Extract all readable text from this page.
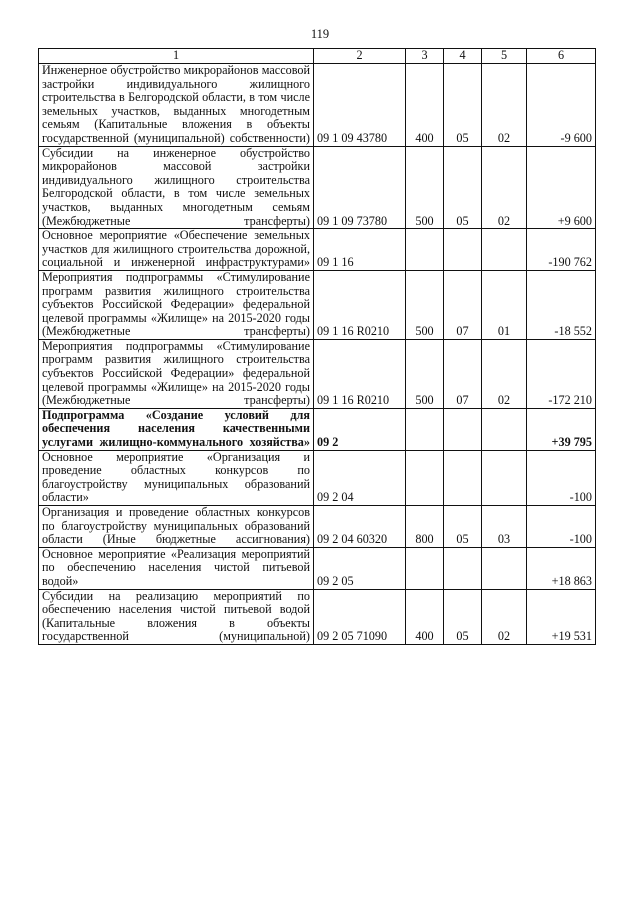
119
1	2	3	4	5	6
Инженерное обустройство микрорайонов массовой застройки индивидуального жилищного строительства в Белгородской области, в том числе земельных участков, выданных многодетным семьям (Капитальные вложения в объекты государственной (муниципальной) собственности)	09 1 09 43780	400	05	02	-9 600
Субсидии на инженерное обустройство микрорайонов массовой застройки индивидуального жилищного строительства Белгородской области, в том числе земельных участков, выданных многодетным семьям (Межбюджетные трансферты)	09 1 09 73780	500	05	02	+9 600
Основное мероприятие «Обеспечение земельных участков для жилищного строительства дорожной, социальной и инженерной инфраструктурами»	09 1 16				-190 762
Мероприятия подпрограммы «Стимулирование программ развития жилищного строительства субъектов Российской Федерации» федеральной целевой программы «Жилище» на 2015-2020 годы (Межбюджетные трансферты)	09 1 16 R0210	500	07	01	-18 552
Мероприятия подпрограммы «Стимулирование программ развития жилищного строительства субъектов Российской Федерации» федеральной целевой программы «Жилище» на 2015-2020 годы (Межбюджетные трансферты)	09 1 16 R0210	500	07	02	-172 210
Подпрограмма «Создание условий для обеспечения населения качественными услугами жилищно-коммунального хозяйства»	09 2				+39 795
Основное мероприятие «Организация и проведение областных конкурсов по благоустройству муниципальных образований области»	09 2 04				-100
Организация и проведение областных конкурсов по благоустройству муниципальных образований области (Иные бюджетные ассигнования)	09 2 04 60320	800	05	03	-100
Основное мероприятие «Реализация мероприятий по обеспечению населения чистой питьевой водой»	09 2 05				+18 863
Субсидии на реализацию мероприятий по обеспечению населения чистой питьевой водой (Капитальные вложения в объекты государственной (муниципальной)	09 2 05 71090	400	05	02	+19 531
